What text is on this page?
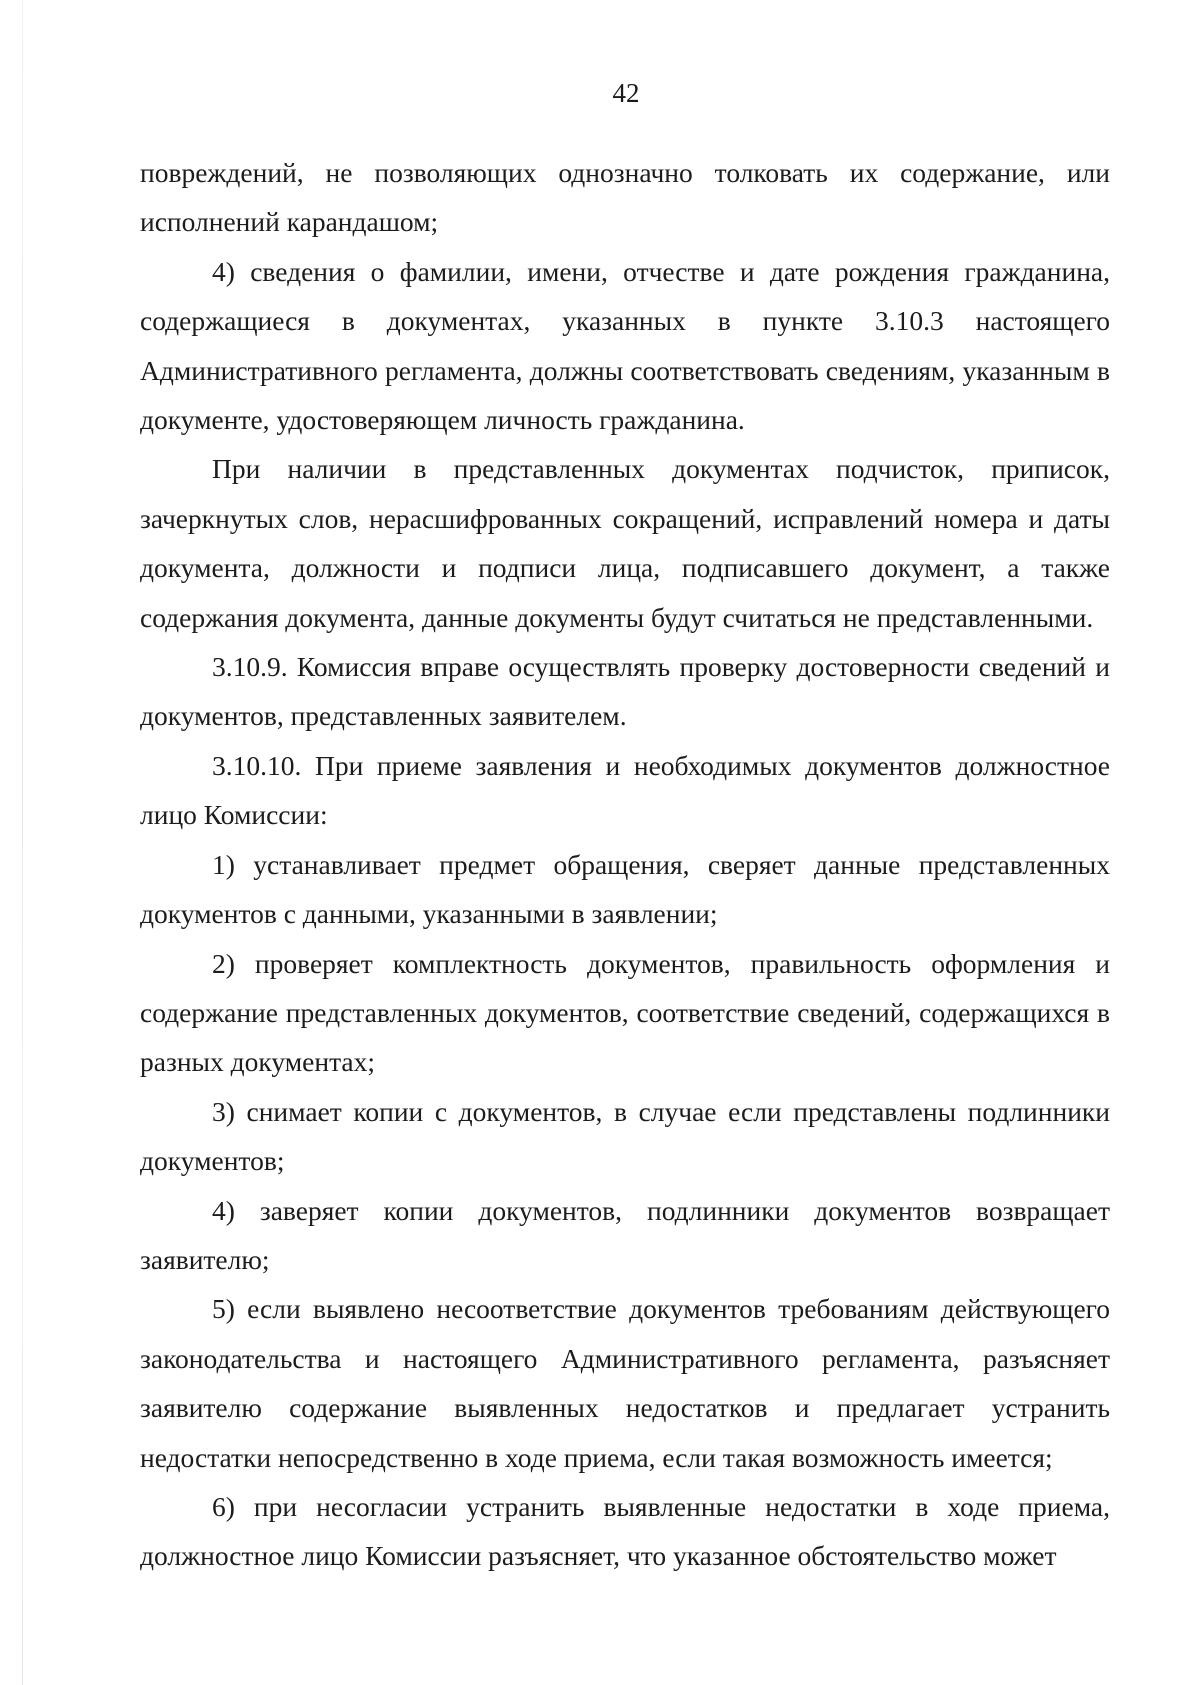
42

повреждений, не позволяющих однозначно толковать их содержание, или исполнений карандашом;

4) сведения о фамилии, имени, отчестве и дате рождения гражданина, содержащиеся в документах, указанных в пункте 3.10.3 настоящего Административного регламента, должны соответствовать сведениям, указанным в документе, удостоверяющем личность гражданина.

При наличии в представленных документах подчисток, приписок, зачеркнутых слов, нерасшифрованных сокращений, исправлений номера и даты документа, должности и подписи лица, подписавшего документ, а также содержания документа, данные документы будут считаться не представленными.

3.10.9. Комиссия вправе осуществлять проверку достоверности сведений и документов, представленных заявителем.

3.10.10. При приеме заявления и необходимых документов должностное лицо Комиссии:

1) устанавливает предмет обращения, сверяет данные представленных документов с данными, указанными в заявлении;

2) проверяет комплектность документов, правильность оформления и содержание представленных документов, соответствие сведений, содержащихся в разных документах;

3) снимает копии с документов, в случае если представлены подлинники документов;

4) заверяет копии документов, подлинники документов возвращает заявителю;

5) если выявлено несоответствие документов требованиям действующего законодательства и настоящего Административного регламента, разъясняет заявителю содержание выявленных недостатков и предлагает устранить недостатки непосредственно в ходе приема, если такая возможность имеется;

6) при несогласии устранить выявленные недостатки в ходе приема, должностное лицо Комиссии разъясняет, что указанное обстоятельство может
